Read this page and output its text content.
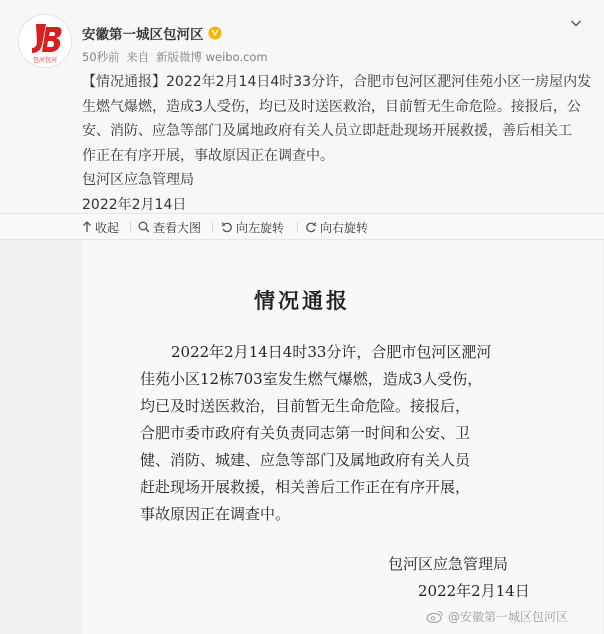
包河包河
安徽第一城区包河区
50秒前 来自 新版微博 weibo.com

【情况通报】2022年2月14日4时33分许，合肥市包河区淝河佳苑小区一房屋内发

生燃气爆燃，造成3人受伤，均已及时送医救治，目前暂无生命危险。接报后，公

安、消防、应急等部门及属地政府有关人员立即赶赴现场开展救援，善后相关工

作正在有序开展，事故原因正在调查中。

包河区应急管理局

2022年2月14日

收起	查看大图	向左旋转	向右旋转
情况通报

2022年2月14日4时33分许，合肥市包河区淝河

佳苑小区12栋703室发生燃气爆燃，造成3人受伤，

均已及时送医救治，目前暂无生命危险。接报后，

合肥市委市政府有关负责同志第一时间和公安、卫

健、消防、城建、应急等部门及属地政府有关人员

赶赴现场开展救援，相关善后工作正在有序开展，

事故原因正在调查中。

包河区应急管理局
2022年2月14日
@安徽第一城区包河区
